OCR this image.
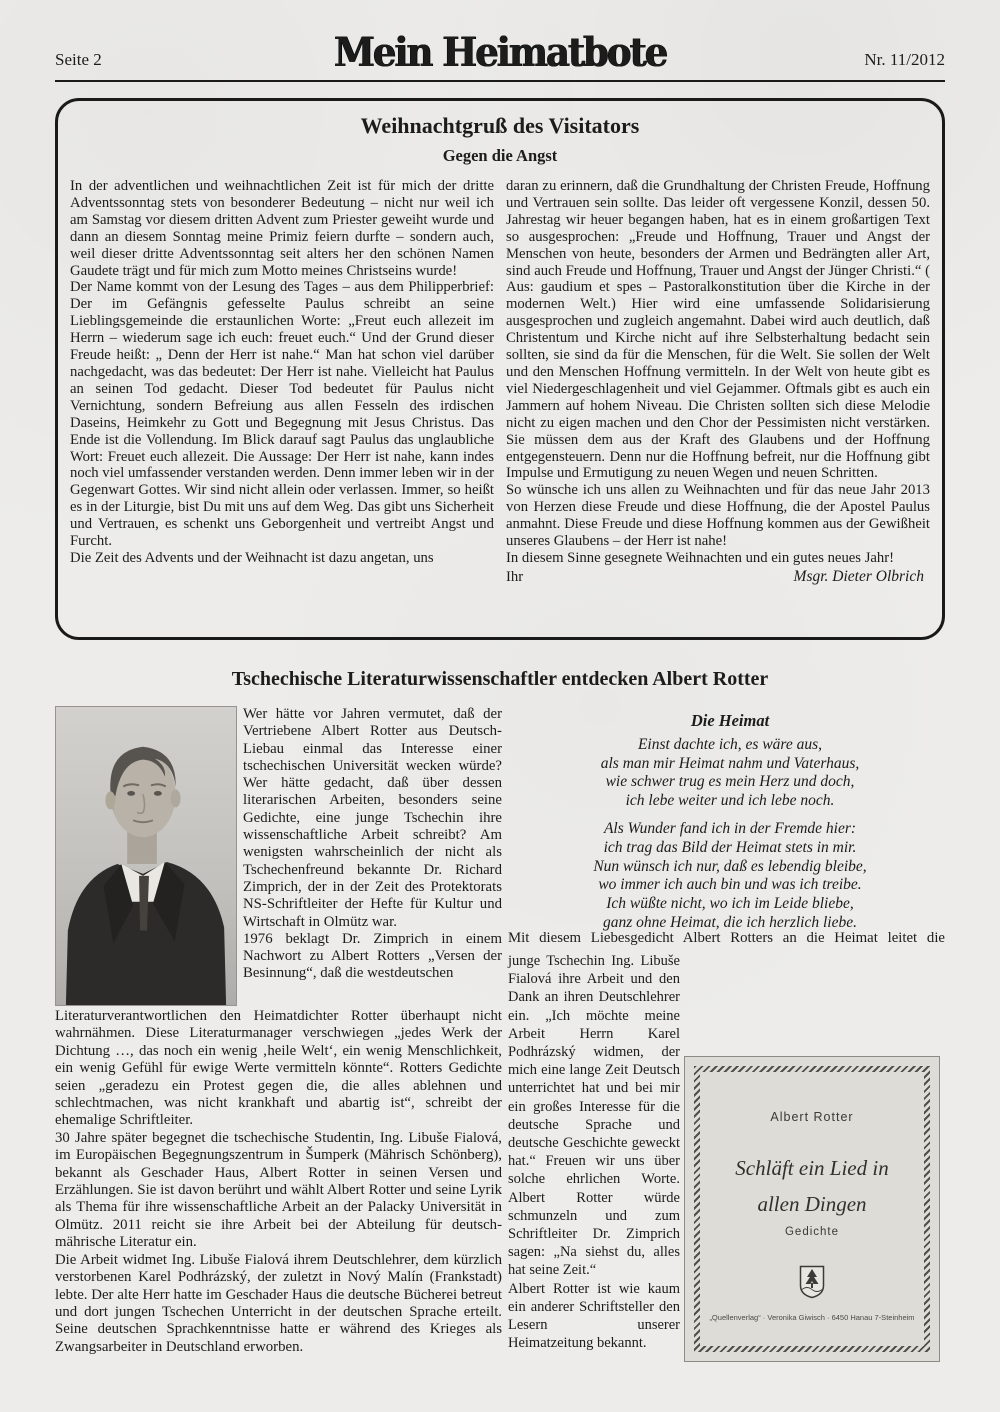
Seite 2	Mein Heimatbote	Nr. 11/2012
Weihnachtgruß des Visitators
Gegen die Angst

In der adventlichen und weihnachtlichen Zeit ist für mich der dritte Adventssonntag stets von besonderer Bedeutung – nicht nur weil ich am Samstag vor diesem dritten Advent zum Priester geweiht wurde und dann an diesem Sonntag meine Primiz feiern durfte – sondern auch, weil dieser dritte Adventssonntag seit alters her den schönen Namen Gaudete trägt und für mich zum Motto meines Christseins wurde!

Der Name kommt von der Lesung des Tages – aus dem Philipperbrief: Der im Gefängnis gefesselte Paulus schreibt an seine Lieblingsgemeinde die erstaunlichen Worte: „Freut euch allezeit im Herrn – wiederum sage ich euch: freuet euch.“ Und der Grund dieser Freude heißt: „ Denn der Herr ist nahe.“ Man hat schon viel darüber nachgedacht, was das bedeutet: Der Herr ist nahe. Vielleicht hat Paulus an seinen Tod gedacht. Dieser Tod bedeutet für Paulus nicht Vernichtung, sondern Befreiung aus allen Fesseln des irdischen Daseins, Heimkehr zu Gott und Begegnung mit Jesus Christus. Das Ende ist die Vollendung. Im Blick darauf sagt Paulus das unglaubliche Wort: Freuet euch allezeit. Die Aussage: Der Herr ist nahe, kann indes noch viel umfassender verstanden werden. Denn immer leben wir in der Gegenwart Gottes. Wir sind nicht allein oder verlassen. Immer, so heißt es in der Liturgie, bist Du mit uns auf dem Weg. Das gibt uns Sicherheit und Vertrauen, es schenkt uns Geborgenheit und vertreibt Angst und Furcht.

Die Zeit des Advents und der Weihnacht ist dazu angetan, uns

daran zu erinnern, daß die Grundhaltung der Christen Freude, Hoffnung und Vertrauen sein sollte. Das leider oft vergessene Konzil, dessen 50. Jahrestag wir heuer begangen haben, hat es in einem großartigen Text so ausgesprochen: „Freude und Hoffnung, Trauer und Angst der Menschen von heute, besonders der Armen und Bedrängten aller Art, sind auch Freude und Hoffnung, Trauer und Angst der Jünger Christi.“ ( Aus: gaudium et spes – Pastoralkonstitution über die Kirche in der modernen Welt.) Hier wird eine umfassende Solidarisierung ausgesprochen und zugleich angemahnt. Dabei wird auch deutlich, daß Christentum und Kirche nicht auf ihre Selbsterhaltung bedacht sein sollten, sie sind da für die Menschen, für die Welt. Sie sollen der Welt und den Menschen Hoffnung vermitteln. In der Welt von heute gibt es viel Niedergeschlagenheit und viel Gejammer. Oftmals gibt es auch ein Jammern auf hohem Niveau. Die Christen sollten sich diese Melodie nicht zu eigen machen und den Chor der Pessimisten nicht verstärken. Sie müssen dem aus der Kraft des Glaubens und der Hoffnung entgegensteuern. Denn nur die Hoffnung befreit, nur die Hoffnung gibt Impulse und Ermutigung zu neuen Wegen und neuen Schritten.

So wünsche ich uns allen zu Weihnachten und für das neue Jahr 2013 von Herzen diese Freude und diese Hoffnung, die der Apostel Paulus anmahnt. Diese Freude und diese Hoffnung kommen aus der Gewißheit unseres Glaubens – der Herr ist nahe!

In diesem Sinne gesegnete Weihnachten und ein gutes neues Jahr!

Ihr	Msgr. Dieter Olbrich
Tschechische Literaturwissenschaftler entdecken Albert Rotter

Wer hätte vor Jahren vermutet, daß der Vertriebene Albert Rotter aus Deutsch-Liebau einmal das Interesse einer tschechischen Universität wecken würde? Wer hätte gedacht, daß über dessen literarischen Arbeiten, besonders seine Gedichte, eine junge Tschechin ihre wissenschaftliche Arbeit schreibt? Am wenigsten wahrscheinlich der nicht als Tschechenfreund bekannte Dr. Richard Zimprich, der in der Zeit des Protektorats NS-Schriftleiter der Hefte für Kultur und Wirtschaft in Olmütz war.

1976 beklagt Dr. Zimprich in einem Nachwort zu Albert Rotters „Versen der Besinnung“, daß die westdeutschen

Literaturverantwortlichen den Heimatdichter Rotter überhaupt nicht wahrnähmen. Diese Literaturmanager verschwiegen „jedes Werk der Dichtung …, das noch ein wenig ‚heile Welt‘, ein wenig Menschlichkeit, ein wenig Gefühl für ewige Werte vermitteln könnte“. Rotters Gedichte seien „geradezu ein Protest gegen die, die alles ablehnen und schlechtmachen, was nicht krankhaft und abartig ist“, schreibt der ehemalige Schriftleiter.

30 Jahre später begegnet die tschechische Studentin, Ing. Libuše Fialová, im Europäischen Begegnungszentrum in Šumperk (Mährisch Schönberg), bekannt als Geschader Haus, Albert Rotter in seinen Versen und Erzählungen. Sie ist davon berührt und wählt Albert Rotter und seine Lyrik als Thema für ihre wissenschaftliche Arbeit an der Palacky Universität in Olmütz. 2011 reicht sie ihre Arbeit bei der Abteilung für deutsch-mährische Literatur ein.

Die Arbeit widmet Ing. Libuše Fialová ihrem Deutschlehrer, dem kürzlich verstorbenen Karel Podhrázský, der zuletzt in Nový Malín (Frankstadt) lebte. Der alte Herr hatte im Geschader Haus die deutsche Bücherei betreut und dort jungen Tschechen Unterricht in der deutschen Sprache erteilt. Seine deutschen Sprachkenntnisse hatte er während des Krieges als Zwangsarbeiter in Deutschland erworben.

Die Heimat
Einst dachte ich, es wäre aus,
als man mir Heimat nahm und Vaterhaus,
wie schwer trug es mein Herz und doch,
ich lebe weiter und ich lebe noch.
Als Wunder fand ich in der Fremde hier:
ich trag das Bild der Heimat stets in mir.
Nun wünsch ich nur, daß es lebendig bleibe,
wo immer ich auch bin und was ich treibe.
Ich wüßte nicht, wo ich im Leide bliebe,
ganz ohne Heimat, die ich herzlich liebe.
Mit diesem Liebesgedicht Albert Rotters an die Heimat leitet die

junge Tschechin Ing. Libuše Fialová ihre Arbeit und den Dank an ihren Deutschlehrer ein. „Ich möchte meine Arbeit Herrn Karel Podhrázský widmen, der mich eine lange Zeit Deutsch unterrichtet hat und bei mir ein großes Interesse für die deutsche Sprache und deutsche Geschichte geweckt hat.“ Freuen wir uns über solche ehrlichen Worte. Albert Rotter würde schmunzeln und zum Schriftleiter Dr. Zimprich sagen: „Na siehst du, alles hat seine Zeit.“

Albert Rotter ist wie kaum ein anderer Schriftsteller den Lesern unserer Heimatzeitung bekannt.

Albert Rotter
Schläft ein Lied in
allen Dingen
Gedichte
„Quellenverlag“ · Veronika Giwisch · 6450 Hanau 7-Steinheim
